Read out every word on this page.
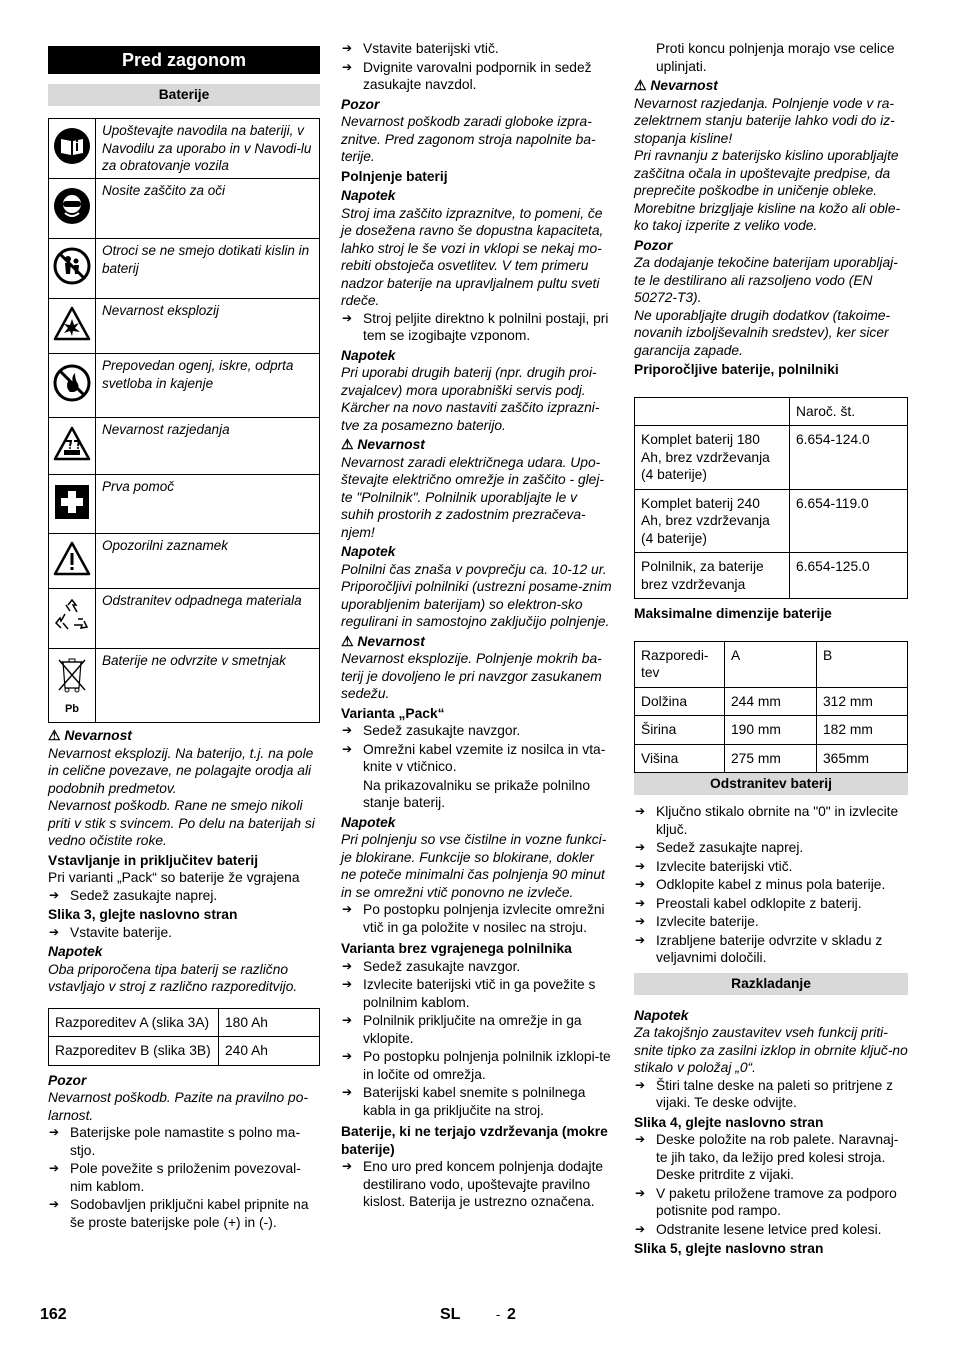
Pred zagonom
Baterije
	Upoštevajte navodila na bateriji, v Navodilu za uporabo in v Navodi-lu za obratovanje vozila
	Nosite zaščito za oči
	Otroci se ne smejo dotikati kislin in baterij
	Nevarnost eksplozij
	Prepovedan ogenj, iskre, odprta svetloba in kajenje
	Nevarnost razjedanja
	Prva pomoč
	Opozorilni zaznamek
	Odstranitev odpadnega materiala

Pb	Baterije ne odvrzite v smetnjak
⚠ Nevarnost

Nevarnost eksplozij. Na baterijo, t.j. na pole in celične povezave, ne polagajte orodja ali podobnih predmetov.

Nevarnost poškodb. Rane ne smejo nikoli priti v stik s svincem. Po delu na baterijah si vedno očistite roke.

Vstavljanje in priključitev baterij

Pri varianti „Pack“ so baterije že vgrajena

➔ Sedež zasukajte naprej.
Slika 3, glejte naslovno stran
➔ Vstavite baterije.
Napotek

Oba priporočena tipa baterij se različno vstavljajo v stroj z različno razporeditvijo.

Razporeditev A (slika 3A)	180 Ah
Razporeditev B (slika 3B)	240 Ah
Pozor

Nevarnost poškodb. Pazite na pravilno po-larnost.

➔ Baterijske pole namastite s polno ma-stjo.
➔ Pole povežite s priloženim povezoval-nim kablom.
➔ Sodobavljen priključni kabel pripnite na še proste baterijske pole (+) in (-).
➔ Vstavite baterijski vtič.
➔ Dvignite varovalni podpornik in sedež zasukajte navzdol.
Pozor

Nevarnost poškodb zaradi globoke izpra-znitve. Pred zagonom stroja napolnite ba-terije.

Polnjenje baterij
Napotek

Stroj ima zaščito izpraznitve, to pomeni, če je dosežena ravno še dopustna kapaciteta, lahko stroj le še vozi in vklopi se nekaj mo-rebiti obstoječa osvetlitev. V tem primeru nadzor baterije na upravljalnem pultu sveti rdeče.

➔ Stroj peljite direktno k polnilni postaji, pri tem se izogibajte vzponom.
Napotek

Pri uporabi drugih baterij (npr. drugih proi-zvajalcev) mora uporabniški servis podj. Kärcher na novo nastaviti zaščito izprazni-tve za posamezno baterijo.

⚠ Nevarnost

Nevarnost zaradi električnega udara. Upo-števajte električno omrežje in zaščito - glej-te "Polnilnik". Polnilnik uporabljajte le v suhih prostorih z zadostnim prezračeva-njem!

Napotek

Polnilni čas znaša v povprečju ca. 10-12 ur. Priporočljivi polnilniki (ustrezni posame-znim uporabljenim baterijam) so elektron-sko regulirani in samostojno zaključijo polnjenje.

⚠ Nevarnost

Nevarnost eksplozije. Polnjenje mokrih ba-terij je dovoljeno le pri navzgor zasukanem sedežu.

Varianta „Pack“
➔ Sedež zasukajte navzgor.
➔ Omrežni kabel vzemite iz nosilca in vta-knite v vtičnico.

Na prikazovalniku se prikaže polnilno stanje baterij.

Napotek

Pri polnjenju so vse čistilne in vozne funkci-je blokirane. Funkcije so blokirane, dokler ne poteče minimalni čas polnjenja 90 minut in se omrežni vtič ponovno ne izvleče.

➔ Po postopku polnjenja izvlecite omrežni vtič in ga položite v nosilec na stroju.
Varianta brez vgrajenega polnilnika
➔ Sedež zasukajte navzgor.
➔ Izvlecite baterijski vtič in ga povežite s polnilnim kablom.
➔ Polnilnik priključite na omrežje in ga vklopite.
➔ Po postopku polnjenja polnilnik izklopi-te in ločite od omrežja.
➔ Baterijski kabel snemite s polnilnega kabla in ga priključite na stroj.
Baterije, ki ne terjajo vzdrževanja (mokre baterije)
➔ Eno uro pred koncem polnjenja dodajte destilirano vodo, upoštevajte pravilno kislost. Baterija je ustrezno označena.

Proti koncu polnjenja morajo vse celice uplinjati.

⚠ Nevarnost

Nevarnost razjedanja. Polnjenje vode v ra-zelektrnem stanju baterije lahko vodi do iz-stopanja kisline!

Pri ravnanju z baterijsko kislino uporabljajte zaščitna očala in upoštevajte predpise, da preprečite poškodbe in uničenje obleke.

Morebitne brizgljaje kisline na kožo ali oble-ko takoj izperite z veliko vode.

Pozor

Za dodajanje tekočine baterijam uporabljaj-te le destilirano ali razsoljeno vodo (EN 50272-T3).

Ne uporabljajte drugih dodatkov (takoime-novanih izboljševalnih sredstev), ker sicer garancija zapade.

Priporočljive baterije, polnilniki
	Naroč. št.
Komplet baterij 180 Ah, brez vzdrževanja (4 baterije)	6.654-124.0
Komplet baterij 240 Ah, brez vzdrževanja (4 baterije)	6.654-119.0
Polnilnik, za baterije brez vzdrževanja	6.654-125.0
Maksimalne dimenzije baterije
Razporedi-tev	A	B
Dolžina	244 mm	312 mm
Širina	190 mm	182 mm
Višina	275 mm	365mm
Odstranitev baterij
➔ Ključno stikalo obrnite na "0" in izvlecite ključ.
➔ Sedež zasukajte naprej.
➔ Izvlecite baterijski vtič.
➔ Odklopite kabel z minus pola baterije.
➔ Preostali kabel odklopite z baterij.
➔ Izvlecite baterije.
➔ Izrabljene baterije odvrzite v skladu z veljavnimi določili.
Razkladanje
Napotek

Za takojšnjo zaustavitev vseh funkcij priti-snite tipko za zasilni izklop in obrnite ključ-no stikalo v položaj „0“.

➔ Štiri talne deske na paleti so pritrjene z vijaki. Te deske odvijte.
Slika 4, glejte naslovno stran
➔ Deske položite na rob palete. Naravnaj-te jih tako, da ležijo pred kolesi stroja. Deske pritrdite z vijaki.
➔ V paketu priložene tramove za podporo potisnite pod rampo.
➔ Odstranite lesene letvice pred kolesi.
Slika 5, glejte naslovno stran
162	SL	- 2
